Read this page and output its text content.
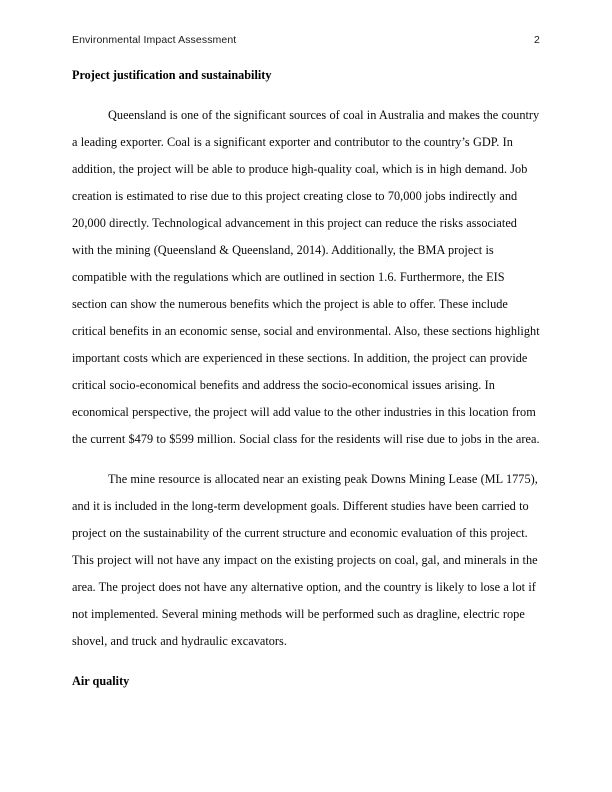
Environmental Impact Assessment	2
Project justification and sustainability

Queensland is one of the significant sources of coal in Australia and makes the country a leading exporter. Coal is a significant exporter and contributor to the country’s GDP. In addition, the project will be able to produce high-quality coal, which is in high demand. Job creation is estimated to rise due to this project creating close to 70,000 jobs indirectly and 20,000 directly. Technological advancement in this project can reduce the risks associated with the mining (Queensland & Queensland, 2014). Additionally, the BMA project is compatible with the regulations which are outlined in section 1.6. Furthermore, the EIS section can show the numerous benefits which the project is able to offer. These include critical benefits in an economic sense, social and environmental. Also, these sections highlight important costs which are experienced in these sections. In addition, the project can provide critical socio-economical benefits and address the socio-economical issues arising. In economical perspective, the project will add value to the other industries in this location from the current $479 to $599 million. Social class for the residents will rise due to jobs in the area.

The mine resource is allocated near an existing peak Downs Mining Lease (ML 1775), and it is included in the long-term development goals. Different studies have been carried to project on the sustainability of the current structure and economic evaluation of this project. This project will not have any impact on the existing projects on coal, gal, and minerals in the area. The project does not have any alternative option, and the country is likely to lose a lot if not implemented. Several mining methods will be performed such as dragline, electric rope shovel, and truck and hydraulic excavators.

Air quality
